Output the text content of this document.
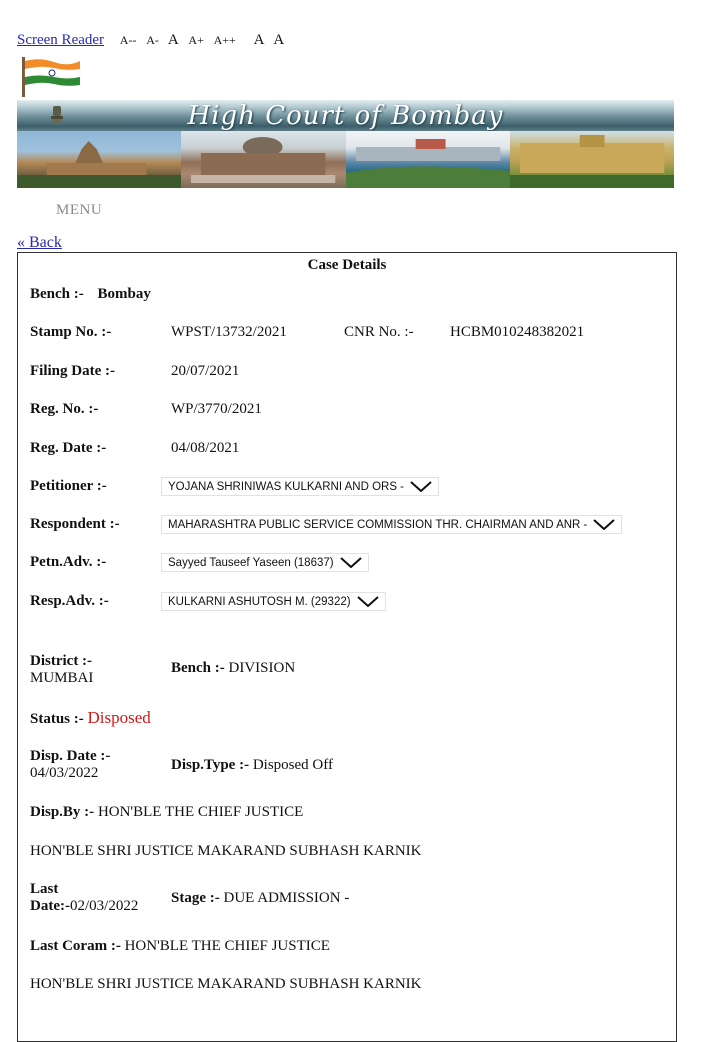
Screen Reader A-- A- A A+ A++ A A
High Court of Bombay
MENU
« Back
Case Details
Bench :- Bombay
Stamp No. :-	WPST/13732/2021	CNR No. :- HCBM010248382021
Filing Date :-	20/07/2021
Reg. No. :-	WP/3770/2021
Reg. Date :-	04/08/2021
Petitioner :-	YOJANA SHRINIWAS KULKARNI AND ORS -
Respondent :-	MAHARASHTRA PUBLIC SERVICE COMMISSION THR. CHAIRMAN AND ANR -
Petn.Adv. :-	Sayyed Tauseef Yaseen (18637)
Resp.Adv. :-	KULKARNI ASHUTOSH M. (29322)
District :-
MUMBAI
Bench :- DIVISION
Status :- Disposed
Disp. Date :-
04/03/2022	Disp.Type :- Disposed Off
Disp.By :- HON'BLE THE CHIEF JUSTICE
HON'BLE SHRI JUSTICE MAKARAND SUBHASH KARNIK
Last
Date:-02/03/2022 Stage :- DUE ADMISSION -
Last Coram :- HON'BLE THE CHIEF JUSTICE
HON'BLE SHRI JUSTICE MAKARAND SUBHASH KARNIK
